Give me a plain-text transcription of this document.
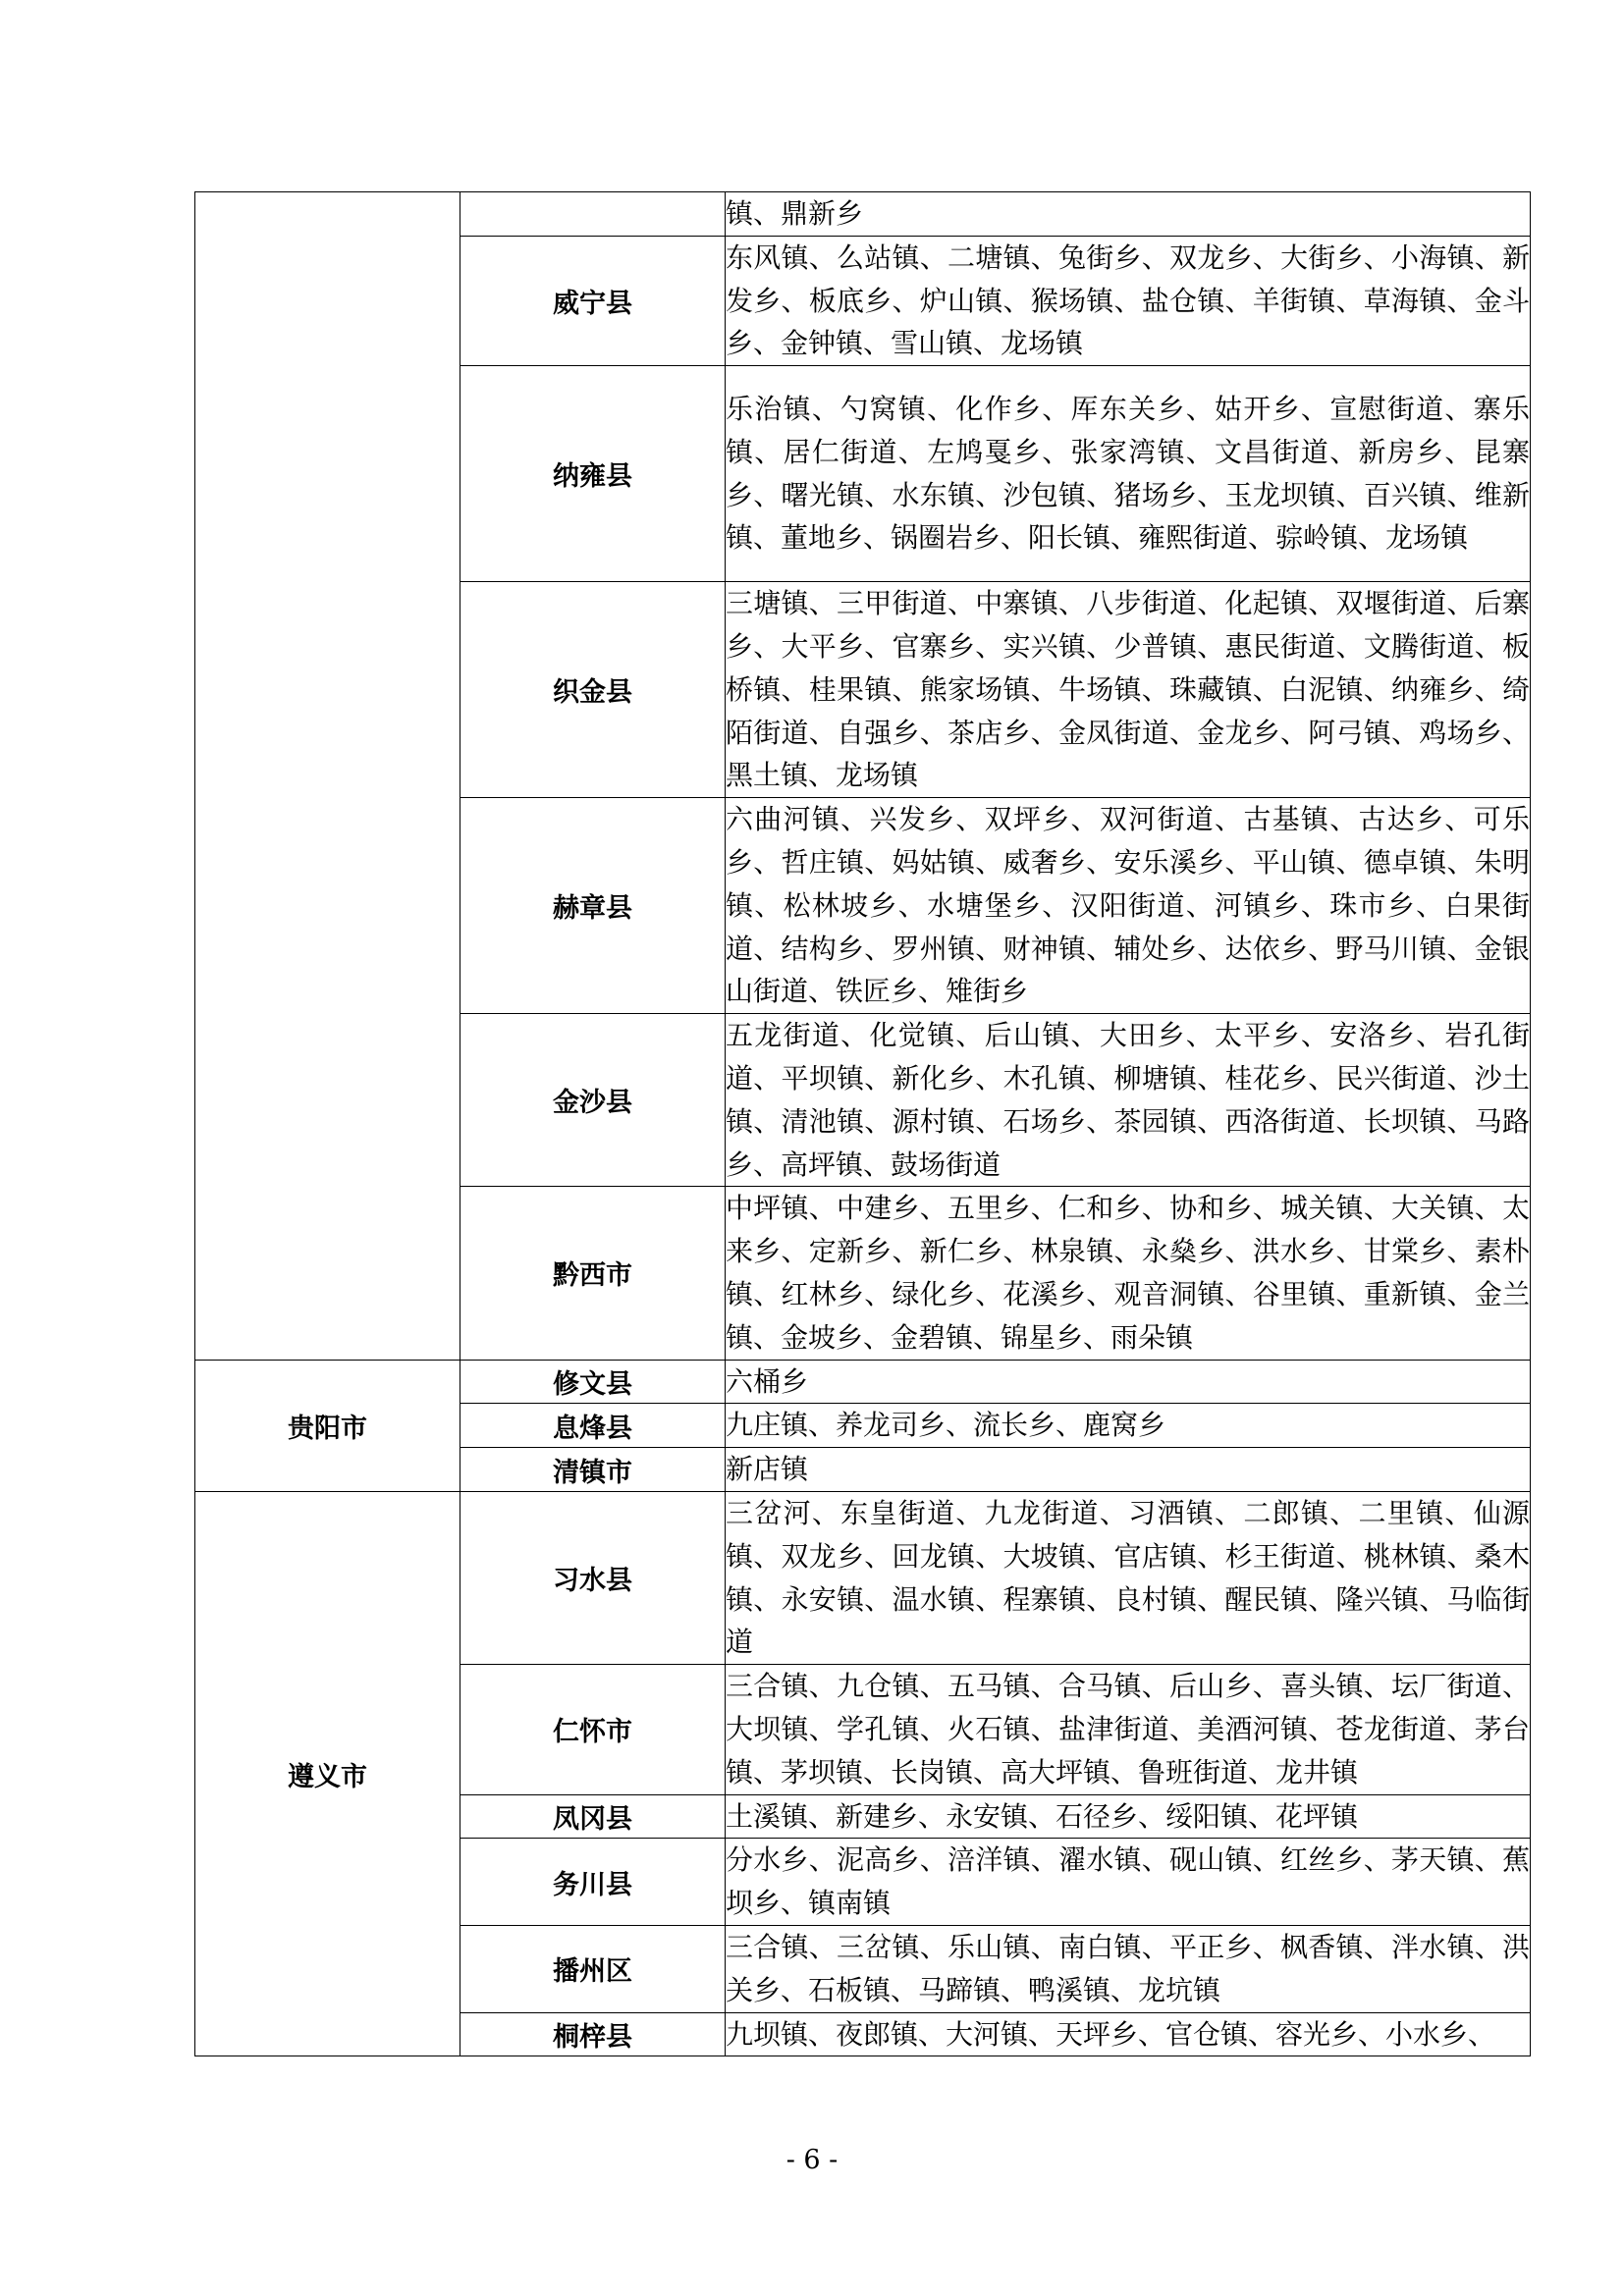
		镇、鼎新乡
	威宁县	东风镇、么站镇、二塘镇、兔街乡、双龙乡、大街乡、小海镇、新发乡、板底乡、炉山镇、猴场镇、盐仓镇、羊街镇、草海镇、金斗乡、金钟镇、雪山镇、龙场镇
	纳雍县	乐治镇、勺窝镇、化作乡、厍东关乡、姑开乡、宣慰街道、寨乐镇、居仁街道、左鸠戛乡、张家湾镇、文昌街道、新房乡、昆寨乡、曙光镇、水东镇、沙包镇、猪场乡、玉龙坝镇、百兴镇、维新镇、董地乡、锅圈岩乡、阳长镇、雍熙街道、骔岭镇、龙场镇
	织金县	三塘镇、三甲街道、中寨镇、八步街道、化起镇、双堰街道、后寨乡、大平乡、官寨乡、实兴镇、少普镇、惠民街道、文腾街道、板桥镇、桂果镇、熊家场镇、牛场镇、珠藏镇、白泥镇、纳雍乡、绮陌街道、自强乡、茶店乡、金凤街道、金龙乡、阿弓镇、鸡场乡、黑土镇、龙场镇
	赫章县	六曲河镇、兴发乡、双坪乡、双河街道、古基镇、古达乡、可乐乡、哲庄镇、妈姑镇、威奢乡、安乐溪乡、平山镇、德卓镇、朱明镇、松林坡乡、水塘堡乡、汉阳街道、河镇乡、珠市乡、白果街道、结构乡、罗州镇、财神镇、辅处乡、达依乡、野马川镇、金银山街道、铁匠乡、雉街乡
	金沙县	五龙街道、化觉镇、后山镇、大田乡、太平乡、安洛乡、岩孔街道、平坝镇、新化乡、木孔镇、柳塘镇、桂花乡、民兴街道、沙土镇、清池镇、源村镇、石场乡、茶园镇、西洛街道、长坝镇、马路乡、高坪镇、鼓场街道
	黔西市	中坪镇、中建乡、五里乡、仁和乡、协和乡、城关镇、大关镇、太来乡、定新乡、新仁乡、林泉镇、永燊乡、洪水乡、甘棠乡、素朴镇、红林乡、绿化乡、花溪乡、观音洞镇、谷里镇、重新镇、金兰镇、金坡乡、金碧镇、锦星乡、雨朵镇
贵阳市	修文县	六桶乡
	息烽县	九庄镇、养龙司乡、流长乡、鹿窝乡
	清镇市	新店镇
遵义市	习水县	三岔河、东皇街道、九龙街道、习酒镇、二郎镇、二里镇、仙源镇、双龙乡、回龙镇、大坡镇、官店镇、杉王街道、桃林镇、桑木镇、永安镇、温水镇、程寨镇、良村镇、醒民镇、隆兴镇、马临街道
	仁怀市	三合镇、九仓镇、五马镇、合马镇、后山乡、喜头镇、坛厂街道、大坝镇、学孔镇、火石镇、盐津街道、美酒河镇、苍龙街道、茅台镇、茅坝镇、长岗镇、高大坪镇、鲁班街道、龙井镇
	凤冈县	土溪镇、新建乡、永安镇、石径乡、绥阳镇、花坪镇
	务川县	分水乡、泥高乡、涪洋镇、濯水镇、砚山镇、红丝乡、茅天镇、蕉坝乡、镇南镇
	播州区	三合镇、三岔镇、乐山镇、南白镇、平正乡、枫香镇、泮水镇、洪关乡、石板镇、马蹄镇、鸭溪镇、龙坑镇
	桐梓县	九坝镇、夜郎镇、大河镇、天坪乡、官仓镇、容光乡、小水乡、
- 6 -
